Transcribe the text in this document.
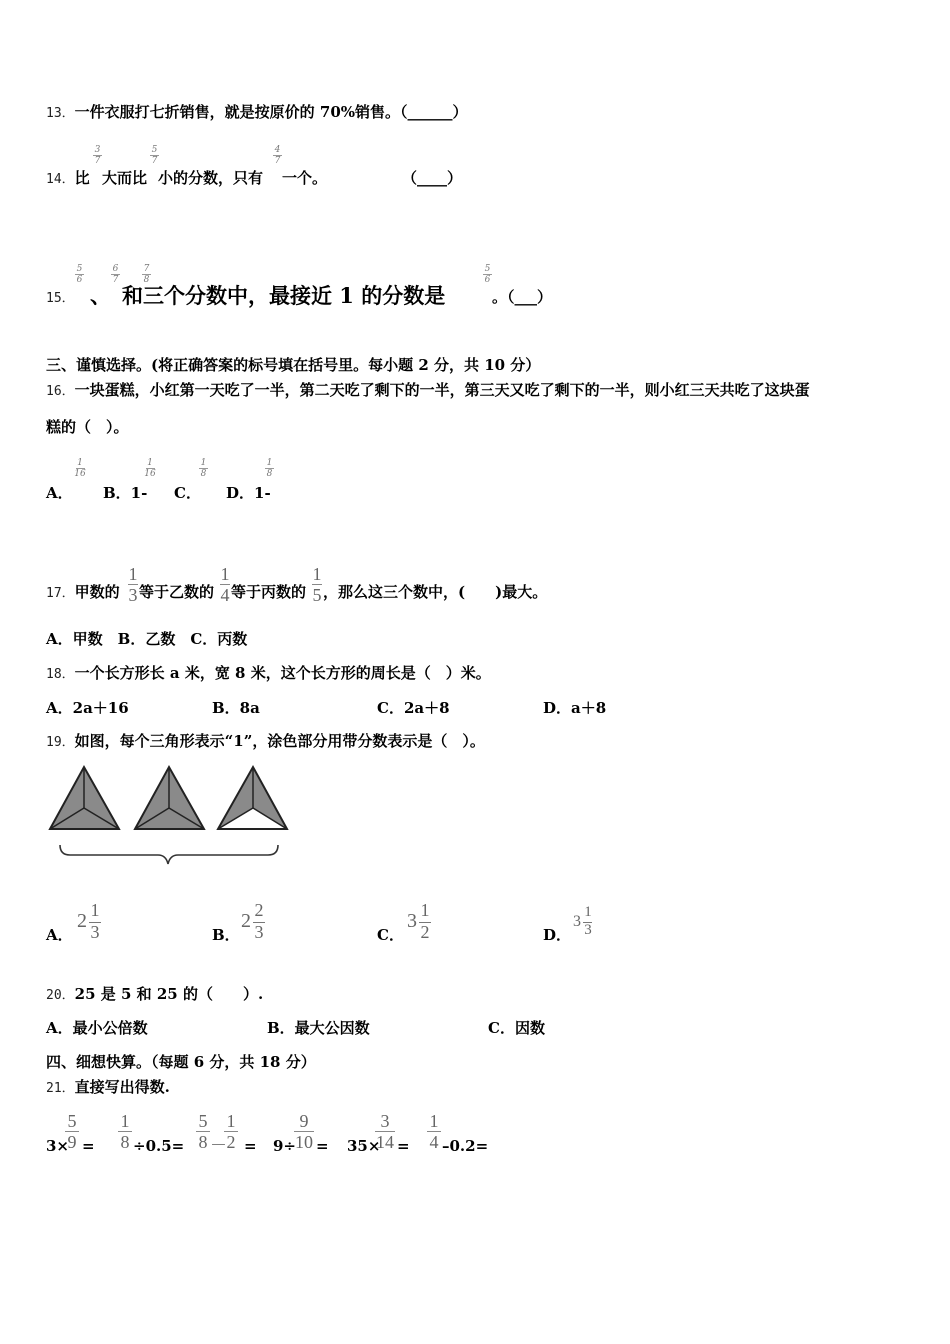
13．一件衣服打七折销售，就是按原价的 70%销售。（______）
14．比
3
7
大而比
5
7
小的分数，只有
4
7
一个。	（____）
15．
5
6
、
6
7
7
8
和三个分数中，最接近 1 的分数是
5
6
。（___）
三、谨慎选择。(将正确答案的标号填在括号里。每小题 2 分，共 10 分）
16．一块蛋糕，小红第一天吃了一半，第二天吃了剩下的一半，第三天又吃了剩下的一半，则小红三天共吃了这块蛋
糕的（　）。
A．
1
16
B．1-
1
16
C．
1
8
D．1-
1
8
17．甲数的
1
3 等于乙数的
1
4 等于丙数的
1
5 ，那么这三个数中，(　　)最大。
A．甲数　B．乙数　C．丙数
18．一个长方形长 a 米，宽 8 米，这个长方形的周长是（　）米。
A．2a＋16	B．8a	C．2a＋8	D．a＋8
19．如图，每个三角形表示“1”，涂色部分用带分数表示是（　）。
A．
2 1
3	B．
2 2
3	C．
3 1
2	D．
3
1
3
20．25 是 5 和 25 的（　　）.
A．最小公倍数	B．最大公因数	C．因数
四、细想快算。（每题 6 分，共 18 分）
21．直接写出得数.
3×
5
9 =
1
8 ÷0.5=
5
8 －
1
2 = 9÷
9
10 = 35×
3
14 =
1
4 –0.2=
